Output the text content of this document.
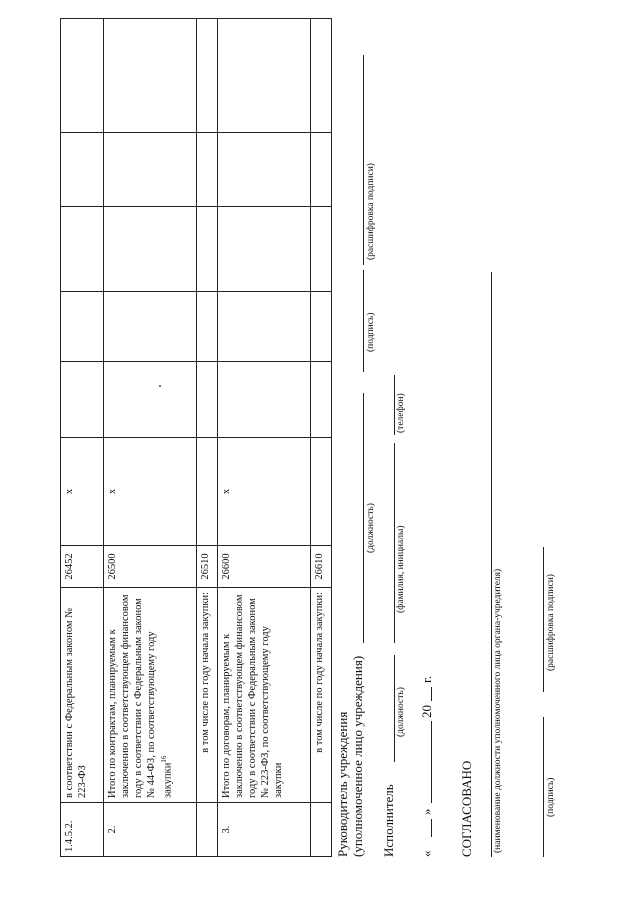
1.4.5.2.	в соответствии с Федеральным законом № 223-ФЗ	26452	x					
2.	Итого по контрактам, планируемым к заключению в соответствующем финансовом году в соответствии с Федеральным законом № 44-ФЗ, по соответствующему году закупки$^{16}$	26500	x					
	в том числе по году начала закупки:	26510						
3.	Итого по договорам, планируемым к заключению в соответствующем финансовом году в соответствии с Федеральным законом № 223-ФЗ, по соответствующему году закупки	26600	x					
	в том числе по году начала закупки:	26610						
Руководитель учреждения (уполномоченное лицо учреждения)
(должность)
(подпись)
(расшифровка подписи)
Исполнитель
(должность)
(фамилия, инициалы)
(телефон)
«
»
20
г.
СОГЛАСОВАНО (наименование должности уполномоченного лица органа-учредителя)	(подпись)
(расшифровка подписи)
